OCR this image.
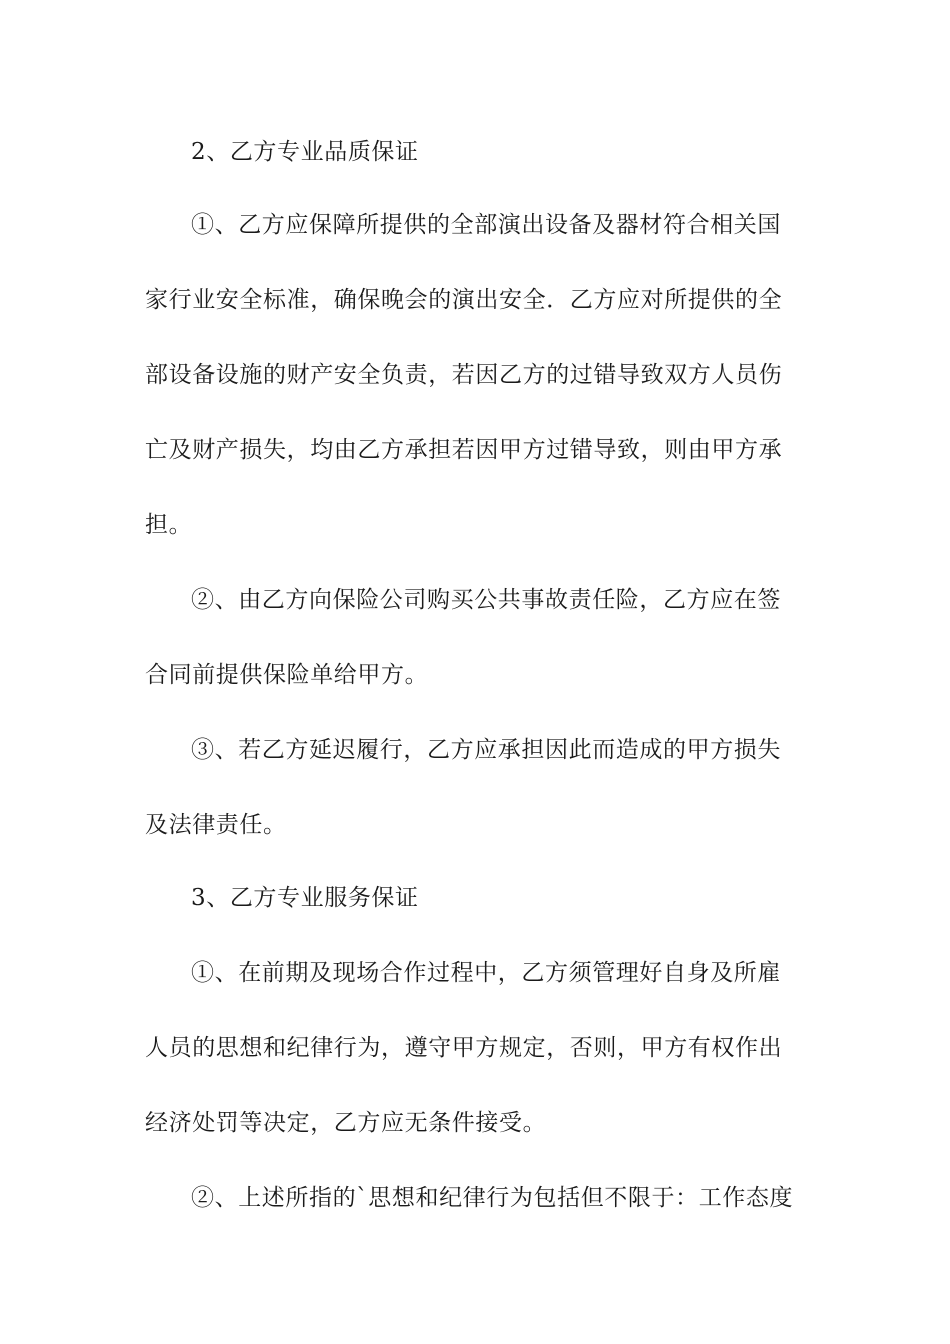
2、乙方专业品质保证
①、乙方应保障所提供的全部演出设备及器材符合相关国
家行业安全标准，确保晚会的演出安全．乙方应对所提供的全
部设备设施的财产安全负责，若因乙方的过错导致双方人员伤
亡及财产损失，均由乙方承担若因甲方过错导致，则由甲方承
担。
②、由乙方向保险公司购买公共事故责任险，乙方应在签
合同前提供保险单给甲方。
③、若乙方延迟履行，乙方应承担因此而造成的甲方损失
及法律责任。
3、乙方专业服务保证
①、在前期及现场合作过程中，乙方须管理好自身及所雇
人员的思想和纪律行为，遵守甲方规定，否则，甲方有权作出
经济处罚等决定，乙方应无条件接受。
②、上述所指的`思想和纪律行为包括但不限于：工作态度
